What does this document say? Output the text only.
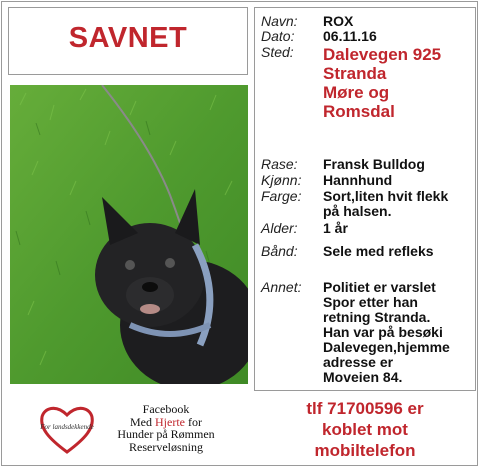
SAVNET
For landsdekkende
Facebook
Med Hjerte for
Hunder på Rømmen
Reserveløsning
Navn:	ROX
Dato:	06.11.16
Sted:	Dalevegen 925
Stranda
Møre og
Romsdal
Rase:	Fransk Bulldog
Kjønn:	Hannhund
Farge:	Sort,liten hvit flekk
på halsen.
Alder:	1 år
Bånd:	Sele med refleks
Annet:	Politiet er varslet
Spor etter han
retning Stranda.
Han var på besøki
Dalevegen,hjemme
adresse er
Moveien 84.
tlf 71700596 er
koblet mot
mobiltelefon
